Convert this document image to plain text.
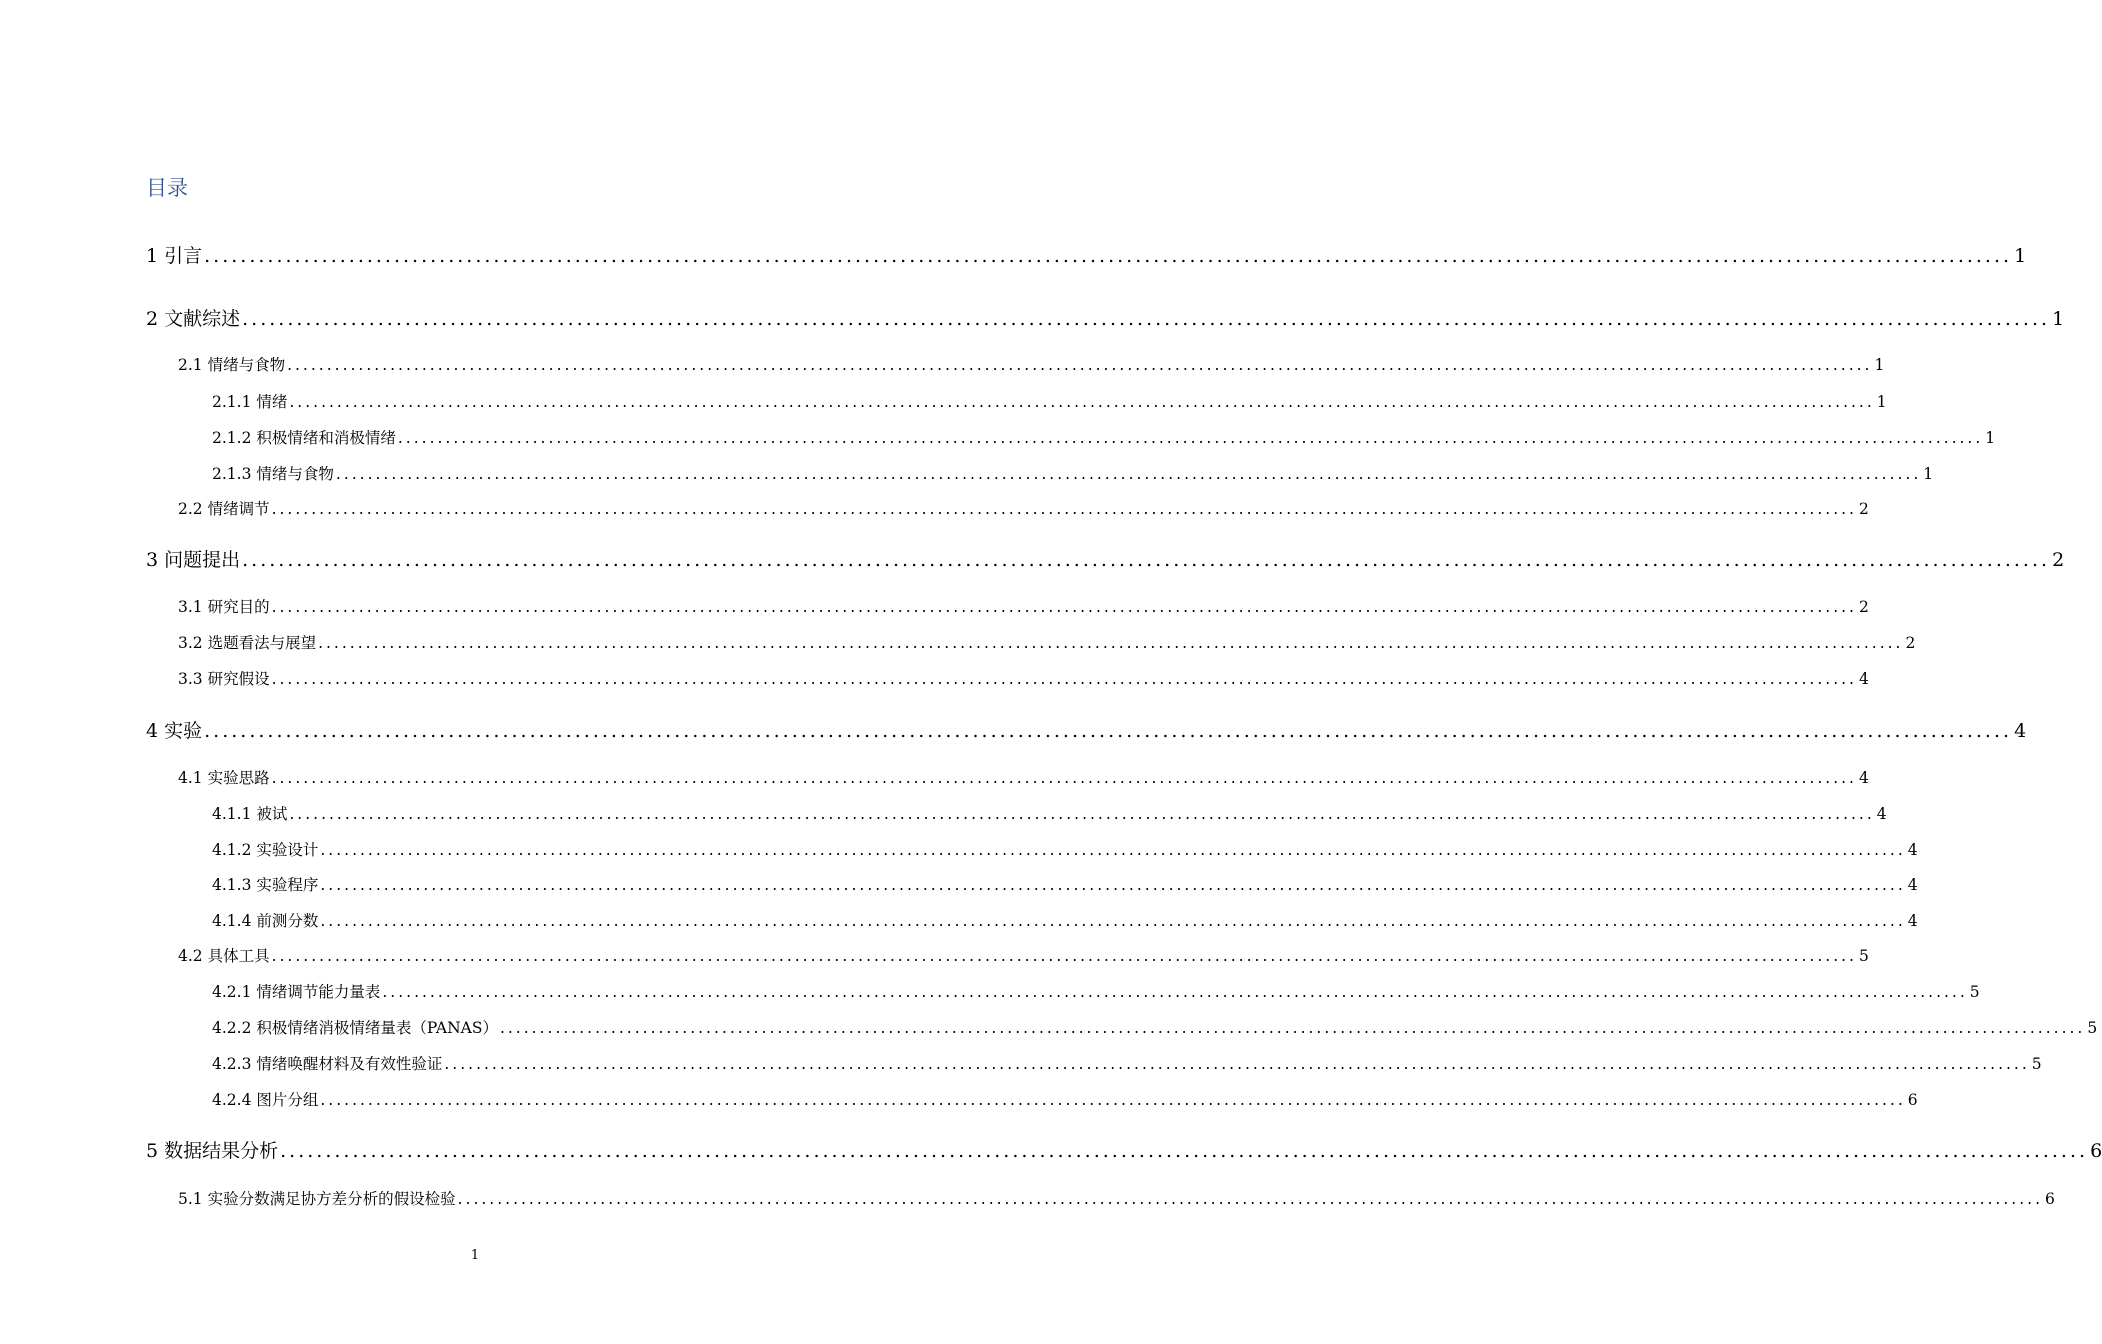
目录
1 引言 ........................................................................................................................................................................................................ 1
2 文献综述 ........................................................................................................................................................................................................ 1
2.1 情绪与食物 ........................................................................................................................................................................................................ 1
2.1.1 情绪 ........................................................................................................................................................................................................ 1
2.1.2 积极情绪和消极情绪 ........................................................................................................................................................................................................ 1
2.1.3 情绪与食物 ........................................................................................................................................................................................................ 1
2.2 情绪调节 ........................................................................................................................................................................................................ 2
3 问题提出 ........................................................................................................................................................................................................ 2
3.1 研究目的 ........................................................................................................................................................................................................ 2
3.2 选题看法与展望 ........................................................................................................................................................................................................ 2
3.3 研究假设 ........................................................................................................................................................................................................ 4
4 实验 ........................................................................................................................................................................................................ 4
4.1 实验思路 ........................................................................................................................................................................................................ 4
4.1.1 被试 ........................................................................................................................................................................................................ 4
4.1.2 实验设计 ........................................................................................................................................................................................................ 4
4.1.3 实验程序 ........................................................................................................................................................................................................ 4
4.1.4 前测分数 ........................................................................................................................................................................................................ 4
4.2 具体工具 ........................................................................................................................................................................................................ 5
4.2.1 情绪调节能力量表 ........................................................................................................................................................................................................ 5
4.2.2 积极情绪消极情绪量表（PANAS） ........................................................................................................................................................................................................ 5
4.2.3 情绪唤醒材料及有效性验证 ........................................................................................................................................................................................................ 5
4.2.4 图片分组 ........................................................................................................................................................................................................ 6
5 数据结果分析 ........................................................................................................................................................................................................ 6
5.1 实验分数满足协方差分析的假设检验 ........................................................................................................................................................................................................ 6
1
